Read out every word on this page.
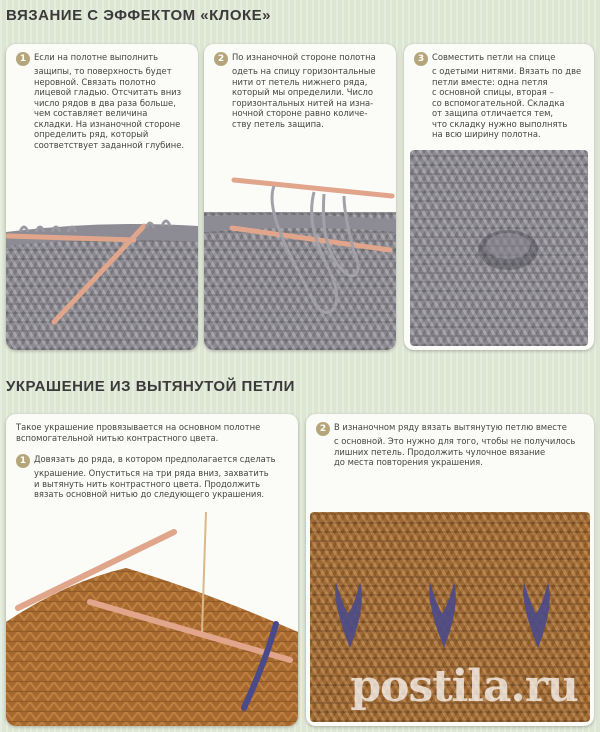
ВЯЗАНИЕ С ЭФФЕКТОМ «КЛОКЕ»
1 Если на полотне выполнить
защипы, то поверхность будет
неровной. Связать полотно
лицевой гладью. Отсчитать вниз
число рядов в два раза больше,
чем составляет величина
складки. На изнаночной стороне
определить ряд, который
соответствует заданной глубине.
2 По изнаночной стороне полотна
одеть на спицу горизонтальные
нити от петель нижнего ряда,
который мы определили. Число
горизонтальных нитей на изна-
ночной стороне равно количе-
ству петель защипа.
3 Совместить петли на спице
с одетыми нитями. Вязать по две
петли вместе: одна петля
с основной спицы, вторая –
со вспомогательной. Складка
от защипа отличается тем,
что складку нужно выполнять
на всю ширину полотна.
УКРАШЕНИЕ ИЗ ВЫТЯНУТОЙ ПЕТЛИ
Такое украшение провязывается на основном полотне
вспомогательной нитью контрастного цвета.
1 Довязать до ряда, в котором предполагается сделать
украшение. Опуститься на три ряда вниз, захватить
и вытянуть нить контрастного цвета. Продолжить
вязать основной нитью до следующего украшения.
2 В изнаночном ряду вязать вытянутую петлю вместе
с основной. Это нужно для того, чтобы не получилось
лишних петель. Продолжить чулочное вязание
до места повторения украшения.
postila.ru
